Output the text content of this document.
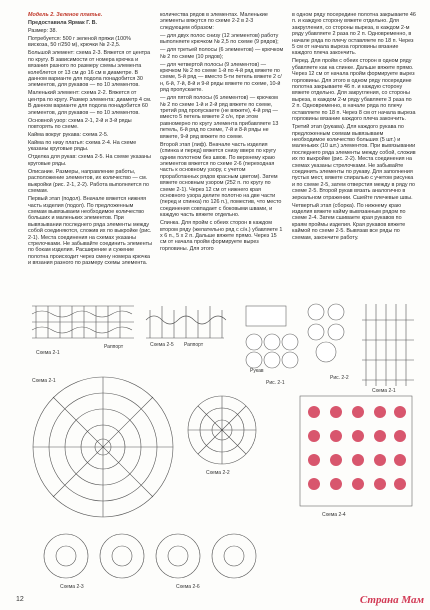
Модель 2. Зеленое платье.

Предоставила Ярмак Г. В.

Размер: 38.

Потребуется: 500 г зеленой пряжи (100% вискоза, 50 г/250 м), крючки № 2-2,5.

Большой элемент: схема 2-3. Вяжется от центра по кругу. В зависимости от номера крючка и вязания разного по размеру схемы элемента колеблется от 13 см до 16 см в диаметре. В данном варианте для подола понадобится 30 элементов, для рукавов — по 10 элементов.

Маленький элемент: схема 2-2. Вяжется от центра по кругу. Размер элемента: диаметр 4 см. В данном варианте для подола понадобится 60 элементов, для рукавов — по 10 элементов.

Основной узор: схема 2-1, 2-й и 3-й ряды повторять по схеме.

Кайма вокруг рукава: схема 2-5.

Кайма по низу платья: схема 2-4. На схеме указаны круговые ряды.

Отделка для рукав: схема 2-5. На схеме указаны круговые ряды.

Описание. Размеры, направление работы, расположение элементов, их количество — см. выкройки (рис. 2-1, 2-2). Работа выполняется по схемам.

Первый этап (подол). Вначале вяжется нижняя часть изделия (подол). По предложенным схемам вывязываем необходимое количество больших и маленьких элементов. При вывязывании последнего ряда элементы между собой соединяются, сложив их по выкройке (рис. 2-1). Места соединения на схемах указаны стрелочками. Не забывайте соединить элементы по бокам изделия. Расширение и сужение полотна происходит через смену номера крючка и вязания разного по размеру схемы элемента.

количества рядов в элементах. Маленькие элементы вяжутся по схеме 2-2 в 2-3 следующем образом:

— для двух полос снизу (12 элементов) работу выполняете крючком № 2,5 по схеме (9 рядов);

— для третьей полосы (6 элементов) — крючком № 2 по схеме (10 рядов);

— для четвертой полосы (9 элементов) — крючком № 2 по схеме 1-й по 4-й ряд вяжете по схеме, 5-й ряд — вместо 5-ти петель вяжете 2 с/н, 6-й, 7-й, 8-й и 9-й ряды вяжете по схеме, 10-й ряд пропускаете.

— для пятой полосы (6 элементов) — крючком № 2 по схеме 1-й и 2-й ряд вяжете по схеме, третий ряд пропускаете (не вяжете), 4-й ряд — вместо 5 петель вяжете 2 с/н, при этом равномерно по кругу элемента прибавляете 13 петель, 6-й ряд по схеме, 7-й и 8-й ряды не вяжете, 9-й ряд вяжете по схеме.

Второй этап (лиф). Вначале часть изделия (спинка и перед) вяжется снизу вверх по кругу одним полотном без швов. По верхнему краю элементов вяжется по схеме 2-6 (переходная часть к основному узору, с учетом проработанных рядов красным цветом). Затем вяжете основным узором (252 п. по кругу по схеме 2-1). Через 12 см от нижнего края основного узора делите полотно на две части (перед и спинка) по 126 п.), поместив, что место соединения совпадает с боковыми швами, и каждую часть вяжете отдельно.

Спинка. Для пройм с обеих сторон в каждом втором ряду (желательно ряд с с/н.) убавляете 1 х 6 п., 5 х 2 п. Дальше вяжете прямо. Через 15 см от начала пройм формируете вырез горловины. Для этого

в одном ряду посередине полотна закрываете 46 п. и каждую сторону вяжете отдельно. Для закругления, со стороны выреза, в каждом 2-м ряду убавляете 2 раза по 2 п. Одновременно, в начале ряда по плечу оставляете по 18 п. Через 5 см от начала выреза горловины вязание каждого плеча закончить.

Перед. Для пройм с обеих сторон в одном ряду убавляете как на спинке. Дальше вяжете прямо. Через 12 см от начала пройм формируете вырез горловины. Для этого в одном ряду посередине полотна закрываете 46 п. и каждую сторону вяжете отдельно. Для закругления, со стороны выреза, в каждом 2-м ряду убавляете 3 раза по 2 п. Одновременно, в начале ряда по плечу оставляете по 18 п. Через 8 см от начала выреза горловины вязание каждого плеча закончить.

Третий этап (рукава). Для каждого рукава по предложенным схемам вывязываем необходимое количество больших (5 шт.) и маленьких (10 шт.) элементов. При вывязывании последнего ряда элементы между собой, сложив их по выкройке (рис. 2-2). Места соединения на схемах указаны стрелочками. Не забывайте соединить элементы по рукаву. Для заполнения пустых мест, вяжете спиралью с учетом рисунка и по схеме 2-5, затем отверстия между в ряду по схеме 2-5. Второй рукав вязать аналогично в зеркальном отражении. Сшейте плечевые швы.

Четвертый этап (сборка). По нижнему краю изделия вяжете кайму вывязанным рядом по схеме 2-4. Затем сшиваете края рукавов по краям проймы изделия. Края рукавов вяжете каймой по схеме 2-5. Вывязав все ряды по схемам, закончите работу.

Схема 2-1
Раппорт	Схема 2-5 Раппорт
Рис. 2-1
Рукав
Рис. 2-2
Схема 2-1
Схема 2-1
Схема 2-2
Схема 2-4
Схема 2-3	Схема 2-6
12	Страна Мам
